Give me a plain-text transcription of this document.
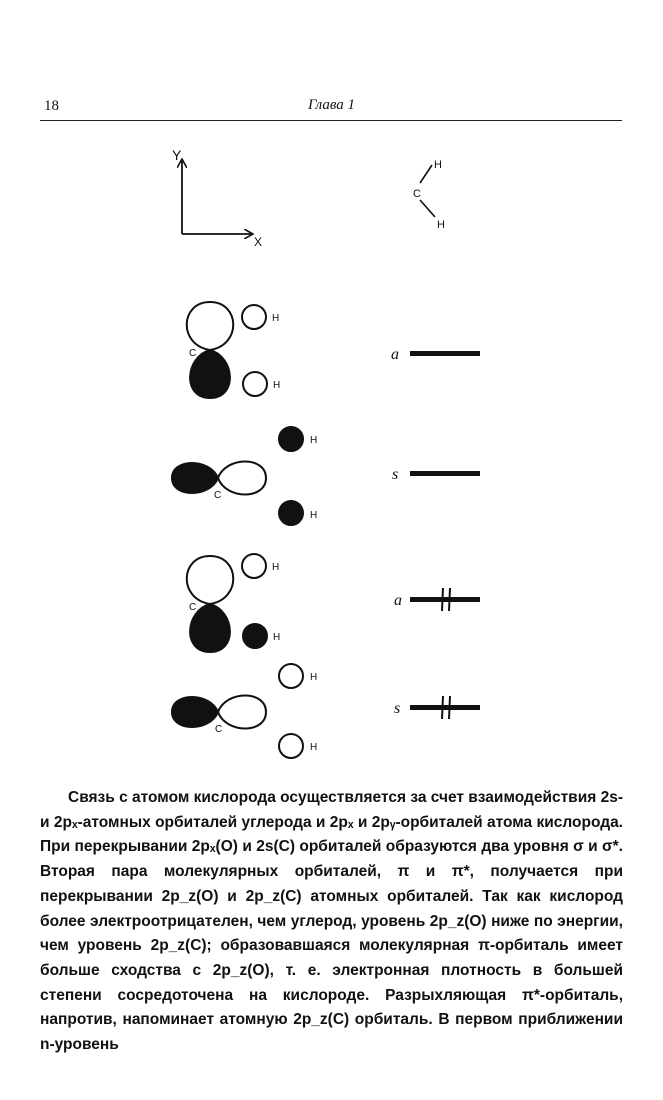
18	Глава 1
Y
X
C
H
H
C
H
H
C
H
H
C
H
H
C
H
H
a
s
a
s

Связь с атомом кислорода осуществляется за счет взаимодействия 2s- и 2pₓ-атомных орбиталей углерода и 2pₓ и 2pᵧ-орбиталей атома кислорода. При перекрывании 2pₓ(O) и 2s(C) орбиталей образуются два уровня σ и σ*. Вторая пара молекулярных орбиталей, π и π*, получается при перекрывании 2p_z(O) и 2p_z(C) атомных орбиталей. Так как кислород более электроотрицателен, чем углерод, уровень 2p_z(O) ниже по энергии, чем уровень 2p_z(C); образовавшаяся молекулярная π-орбиталь имеет больше сходства с 2p_z(O), т. е. электронная плотность в большей степени сосредоточена на кислороде. Разрыхляющая π*-орбиталь, напротив, напоминает атомную 2p_z(C) орбиталь. В первом приближении n-уровень
